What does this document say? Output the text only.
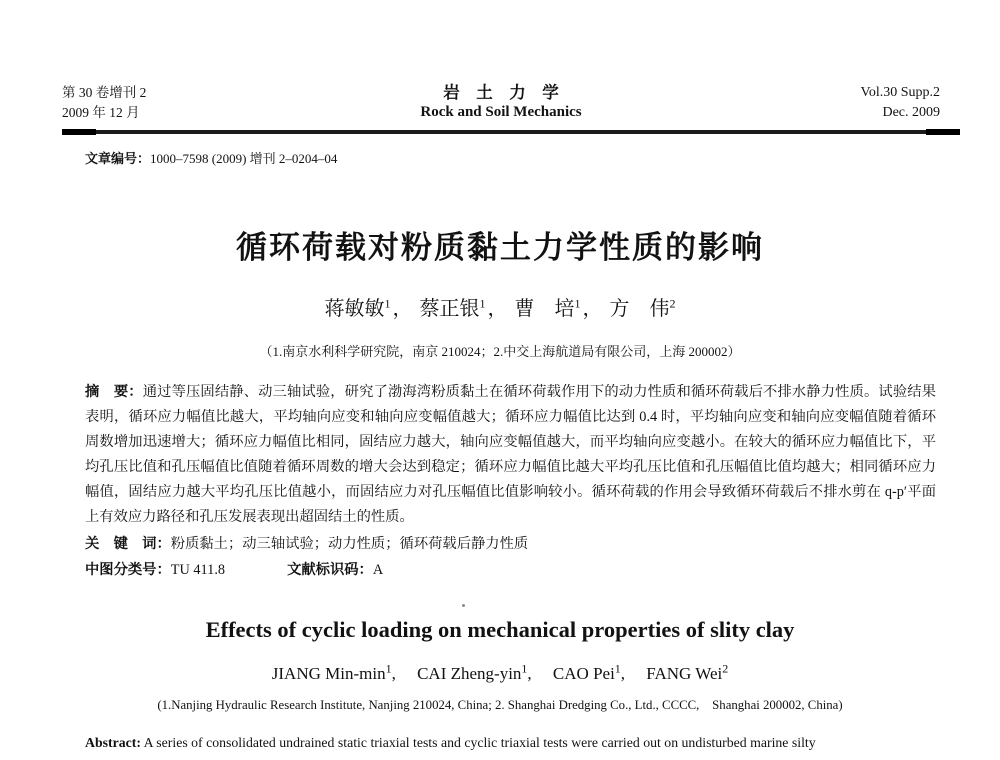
第 30 卷增刊 2
2009 年 12 月
岩　土　力　学
Rock and Soil Mechanics
Vol.30 Supp.2
Dec. 2009
文章编号：1000–7598 (2009) 增刊 2–0204–04
循环荷载对粉质黏土力学性质的影响
蒋敏敏$^1$ ， 蔡正银$^1$ ， 曹　培$^1$ ， 方　伟$^2$
（1.南京水利科学研究院，南京 210024；2.中交上海航道局有限公司，上海 200002）
摘　要：通过等压固结静、动三轴试验，研究了渤海湾粉质黏土在循环荷载作用下的动力性质和循环荷载后不排水静力性质。试验结果表明，循环应力幅值比越大，平均轴向应变和轴向应变幅值越大；循环应力幅值比达到 0.4 时，平均轴向应变和轴向应变幅值随着循环周数增加迅速增大；循环应力幅值比相同，固结应力越大，轴向应变幅值越大，而平均轴向应变越小。在较大的循环应力幅值比下，平均孔压比值和孔压幅值比值随着循环周数的增大会达到稳定；循环应力幅值比越大平均孔压比值和孔压幅值比值均越大；相同循环应力幅值，固结应力越大平均孔压比值越小，而固结应力对孔压幅值比值影响较小。循环荷载的作用会导致循环荷载后不排水剪在 q-p′平面上有效应力路径和孔压发展表现出超固结土的性质。
关　键　词：粉质黏土；动三轴试验；动力性质；循环荷载后静力性质
中图分类号：TU 411.8	文献标识码：A
Effects of cyclic loading on mechanical properties of slity clay
JIANG Min-$\min^1$, CAI Zheng-yin$^1$, CAO Pei$^1$, FANG Wei$^2$
(1.Nanjing Hydraulic Research Institute, Nanjing 210024, China; 2. Shanghai Dredging Co., Ltd., CCCC,　Shanghai 200002, China)
Abstract: A series of consolidated undrained static triaxial tests and cyclic triaxial tests were carried out on undisturbed marine silty
